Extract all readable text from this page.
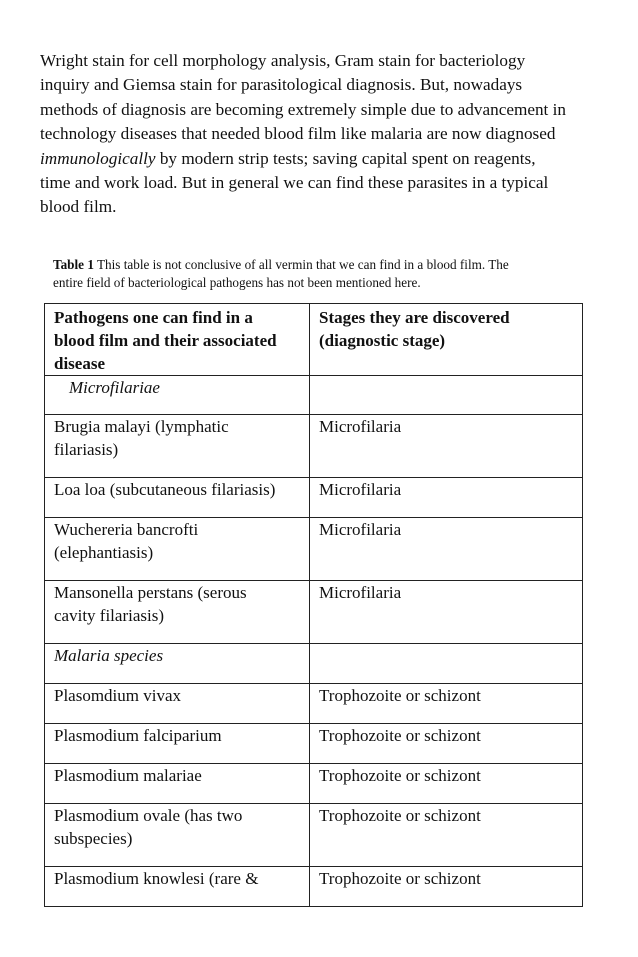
Wright stain for cell morphology analysis, Gram stain for bacteriology
inquiry and Giemsa stain for parasitological diagnosis. But, nowadays
methods of diagnosis are becoming extremely simple due to advancement in
technology diseases that needed blood film like malaria are now diagnosed
immunologically by modern strip tests; saving capital spent on reagents,
time and work load. But in general we can find these parasites in a typical
blood film.
Table 1 This table is not conclusive of all vermin that we can find in a blood film. The
entire field of bacteriological pathogens has not been mentioned here.
Pathogens one can find in a
blood film and their associated
disease	Stages they are discovered
(diagnostic stage)

Microfilariae	

Brugia malayi (lymphatic
filariasis)	Microfilaria

Loa loa (subcutaneous filariasis)	Microfilaria

Wuchereria bancrofti
(elephantiasis)	Microfilaria

Mansonella perstans (serous
cavity filariasis)	Microfilaria

Malaria species	

Plasomdium vivax	Trophozoite or schizont

Plasmodium falciparium	Trophozoite or schizont

Plasmodium malariae	Trophozoite or schizont

Plasmodium ovale (has two
subspecies)	Trophozoite or schizont

Plasmodium knowlesi (rare &	Trophozoite or schizont
